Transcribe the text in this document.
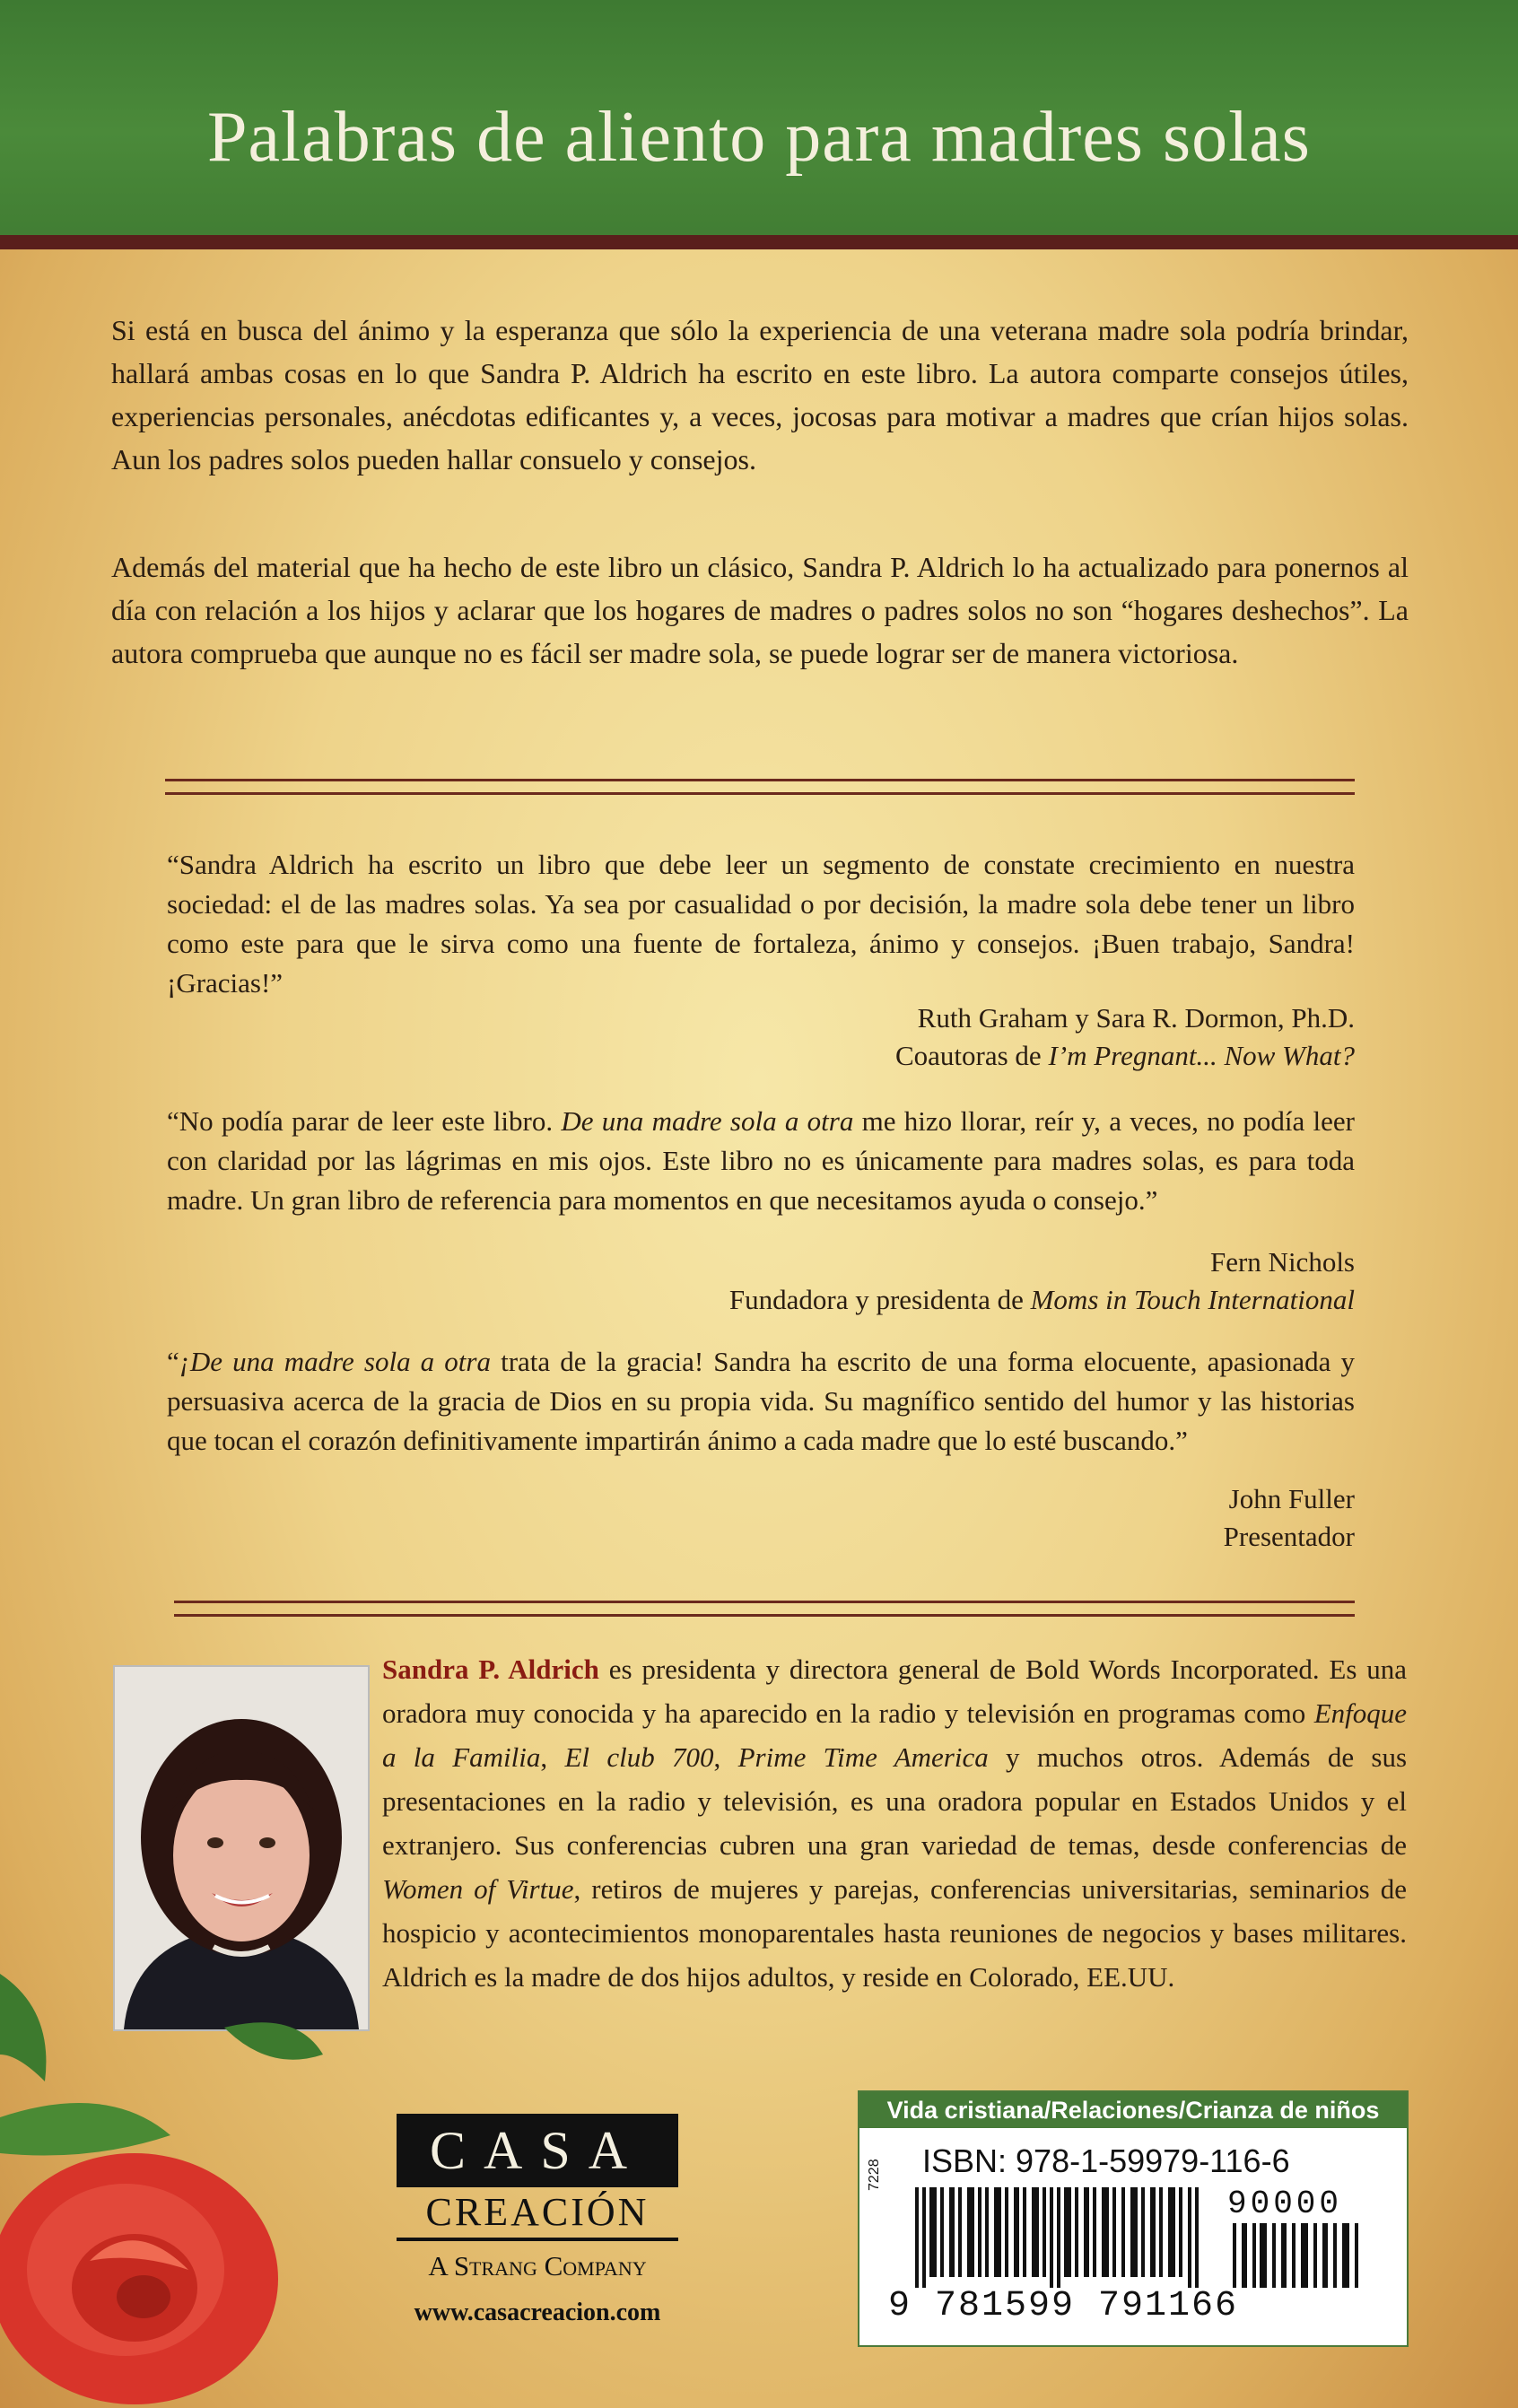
Palabras de aliento para madres solas
Si está en busca del ánimo y la esperanza que sólo la experiencia de una veterana madre sola podría brindar, hallará ambas cosas en lo que Sandra P. Aldrich ha escrito en este libro. La autora comparte consejos útiles, experiencias personales, anécdotas edificantes y, a veces, jocosas para motivar a madres que crían hijos solas. Aun los padres solos pueden hallar consuelo y consejos.
Además del material que ha hecho de este libro un clásico, Sandra P. Aldrich lo ha actualizado para ponernos al día con relación a los hijos y aclarar que los hogares de madres o padres solos no son “hogares deshechos”. La autora comprueba que aunque no es fácil ser madre sola, se puede lograr ser de manera victoriosa.
“Sandra Aldrich ha escrito un libro que debe leer un segmento de constate crecimiento en nuestra sociedad: el de las madres solas. Ya sea por casualidad o por decisión, la madre sola debe tener un libro como este para que le sirva como una fuente de fortaleza, ánimo y consejos. ¡Buen trabajo, Sandra! ¡Gracias!”
Ruth Graham y Sara R. Dormon, Ph.D.
Coautoras de I’m Pregnant... Now What?
“No podía parar de leer este libro. De una madre sola a otra me hizo llorar, reír y, a veces, no podía leer con claridad por las lágrimas en mis ojos. Este libro no es únicamente para madres solas, es para toda madre. Un gran libro de referencia para momentos en que necesitamos ayuda o consejo.”
Fern Nichols
Fundadora y presidenta de Moms in Touch International
“¡De una madre sola a otra trata de la gracia! Sandra ha escrito de una forma elocuente, apasionada y persuasiva acerca de la gracia de Dios en su propia vida. Su magnífico sentido del humor y las historias que tocan el corazón definitivamente impartirán ánimo a cada madre que lo esté buscando.”
John Fuller
Presentador
Sandra P. Aldrich es presidenta y directora general de Bold Words Incorporated. Es una oradora muy conocida y ha aparecido en la radio y televisión en programas como Enfoque a la Familia, El club 700, Prime Time America y muchos otros. Además de sus presentaciones en la radio y televisión, es una oradora popular en Estados Unidos y el extranjero. Sus conferencias cubren una gran variedad de temas, desde conferencias de Women of Virtue, retiros de mujeres y parejas, conferencias universitarias, seminarios de hospicio y acontecimientos monoparentales hasta reuniones de negocios y bases militares. Aldrich es la madre de dos hijos adultos, y reside en Colorado, EE.UU.
CASA
CREACIÓN
A Strang Company
www.casacreacion.com
Vida cristiana/Relaciones/Crianza de niños
7228 ISBN: 978-1-59979-116-6
90000
9 781599 791166
